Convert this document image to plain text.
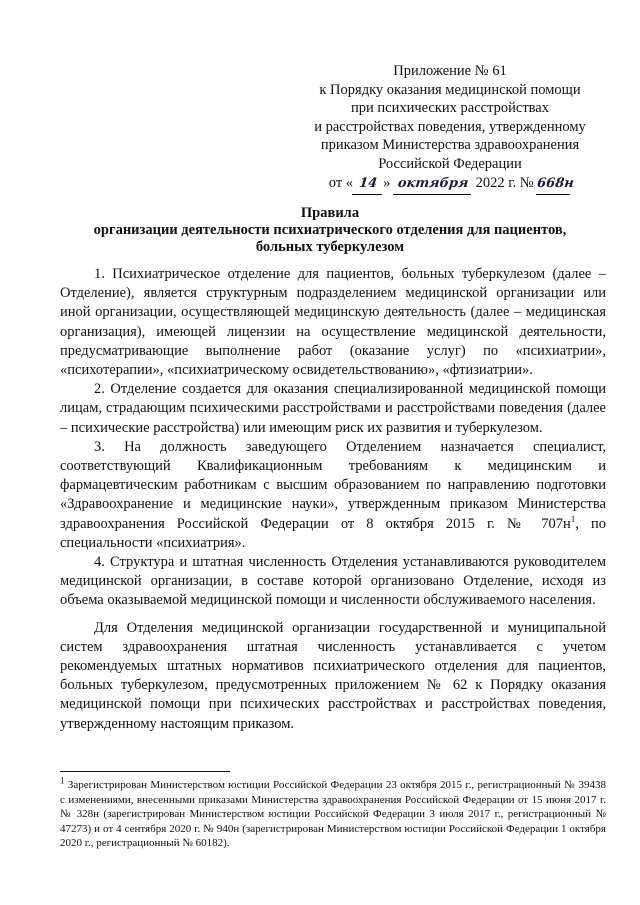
Приложение № 61
к Порядку оказания медицинской помощи
при психических расстройствах
и расстройствах поведения, утвержденному
приказом Министерства здравоохранения
Российской Федерации
от « 14 » октября 2022 г. № 668н
Правила
организации деятельности психиатрического отделения для пациентов,
больных туберкулезом

1. Психиатрическое отделение для пациентов, больных туберкулезом (далее – Отделение), является структурным подразделением медицинской организации или иной организации, осуществляющей медицинскую деятельность (далее – медицинская организация), имеющей лицензии на осуществление медицинской деятельности, предусматривающие выполнение работ (оказание услуг) по «психиатрии», «психотерапии», «психиатрическому освидетельствованию», «фтизиатрии».

2. Отделение создается для оказания специализированной медицинской помощи лицам, страдающим психическими расстройствами и расстройствами поведения (далее – психические расстройства) или имеющим риск их развития и туберкулезом.

3. На должность заведующего Отделением назначается специалист, соответствующий Квалификационным требованиям к медицинским и фармацевтическим работникам с высшим образованием по направлению подготовки «Здравоохранение и медицинские науки», утвержденным приказом Министерства здравоохранения Российской Федерации от 8 октября 2015 г. № $707н^1$, по специальности «психиатрия».

4. Структура и штатная численность Отделения устанавливаются руководителем медицинской организации, в составе которой организовано Отделение, исходя из объема оказываемой медицинской помощи и численности обслуживаемого населения.

Для Отделения медицинской организации государственной и муниципальной систем здравоохранения штатная численность устанавливается с учетом рекомендуемых штатных нормативов психиатрического отделения для пациентов, больных туберкулезом, предусмотренных приложением № 62 к Порядку оказания медицинской помощи при психических расстройствах и расстройствах поведения, утвержденному настоящим приказом.

$^1$ Зарегистрирован Министерством юстиции Российской Федерации 23 октября 2015 г., регистрационный № 39438 с изменениями, внесенными приказами Министерства здравоохранения Российской Федерации от 15 июня 2017 г. № 328н (зарегистрирован Министерством юстиции Российской Федерации 3 июля 2017 г., регистрационный № 47273) и от 4 сентября 2020 г. № 940н (зарегистрирован Министерством юстиции Российской Федерации 1 октября 2020 г., регистрационный № 60182).
